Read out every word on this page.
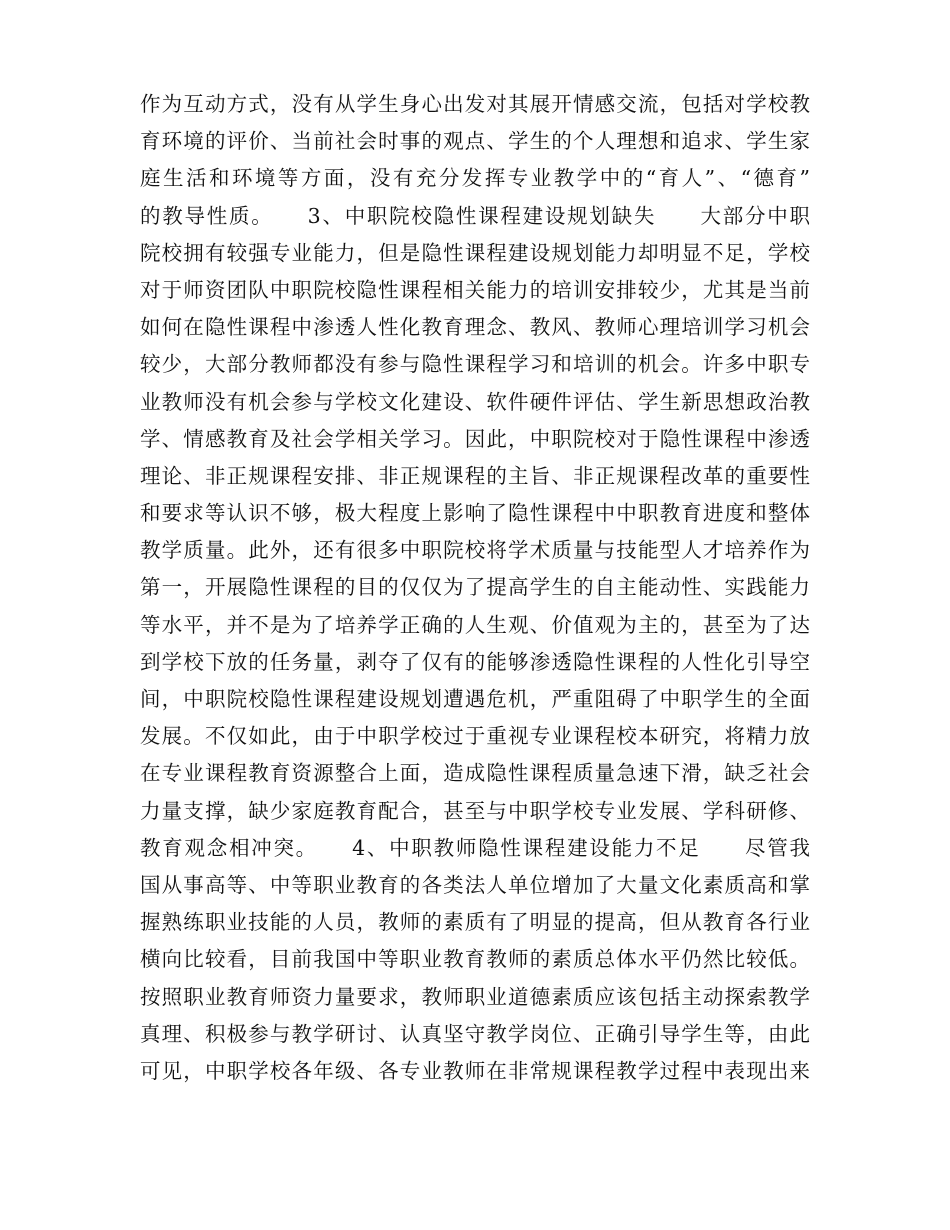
作为互动方式，没有从学生身心出发对其展开情感交流，包括对学校教
育环境的评价、当前社会时事的观点、学生的个人理想和追求、学生家
庭生活和环境等方面，没有充分发挥专业教学中的“育人”、“德育”
的教导性质。　　3、中职院校隐性课程建设规划缺失　　大部分中职
院校拥有较强专业能力，但是隐性课程建设规划能力却明显不足，学校
对于师资团队中职院校隐性课程相关能力的培训安排较少，尤其是当前
如何在隐性课程中渗透人性化教育理念、教风、教师心理培训学习机会
较少，大部分教师都没有参与隐性课程学习和培训的机会。许多中职专
业教师没有机会参与学校文化建设、软件硬件评估、学生新思想政治教
学、情感教育及社会学相关学习。因此，中职院校对于隐性课程中渗透
理论、非正规课程安排、非正规课程的主旨、非正规课程改革的重要性
和要求等认识不够，极大程度上影响了隐性课程中中职教育进度和整体
教学质量。此外，还有很多中职院校将学术质量与技能型人才培养作为
第一，开展隐性课程的目的仅仅为了提高学生的自主能动性、实践能力
等水平，并不是为了培养学正确的人生观、价值观为主的，甚至为了达
到学校下放的任务量，剥夺了仅有的能够渗透隐性课程的人性化引导空
间，中职院校隐性课程建设规划遭遇危机，严重阻碍了中职学生的全面
发展。不仅如此，由于中职学校过于重视专业课程校本研究，将精力放
在专业课程教育资源整合上面，造成隐性课程质量急速下滑，缺乏社会
力量支撑，缺少家庭教育配合，甚至与中职学校专业发展、学科研修、
教育观念相冲突。　　4、中职教师隐性课程建设能力不足　　尽管我
国从事高等、中等职业教育的各类法人单位增加了大量文化素质高和掌
握熟练职业技能的人员，教师的素质有了明显的提高，但从教育各行业
横向比较看，目前我国中等职业教育教师的素质总体水平仍然比较低。
按照职业教育师资力量要求，教师职业道德素质应该包括主动探索教学
真理、积极参与教学研讨、认真坚守教学岗位、正确引导学生等，由此
可见，中职学校各年级、各专业教师在非常规课程教学过程中表现出来
